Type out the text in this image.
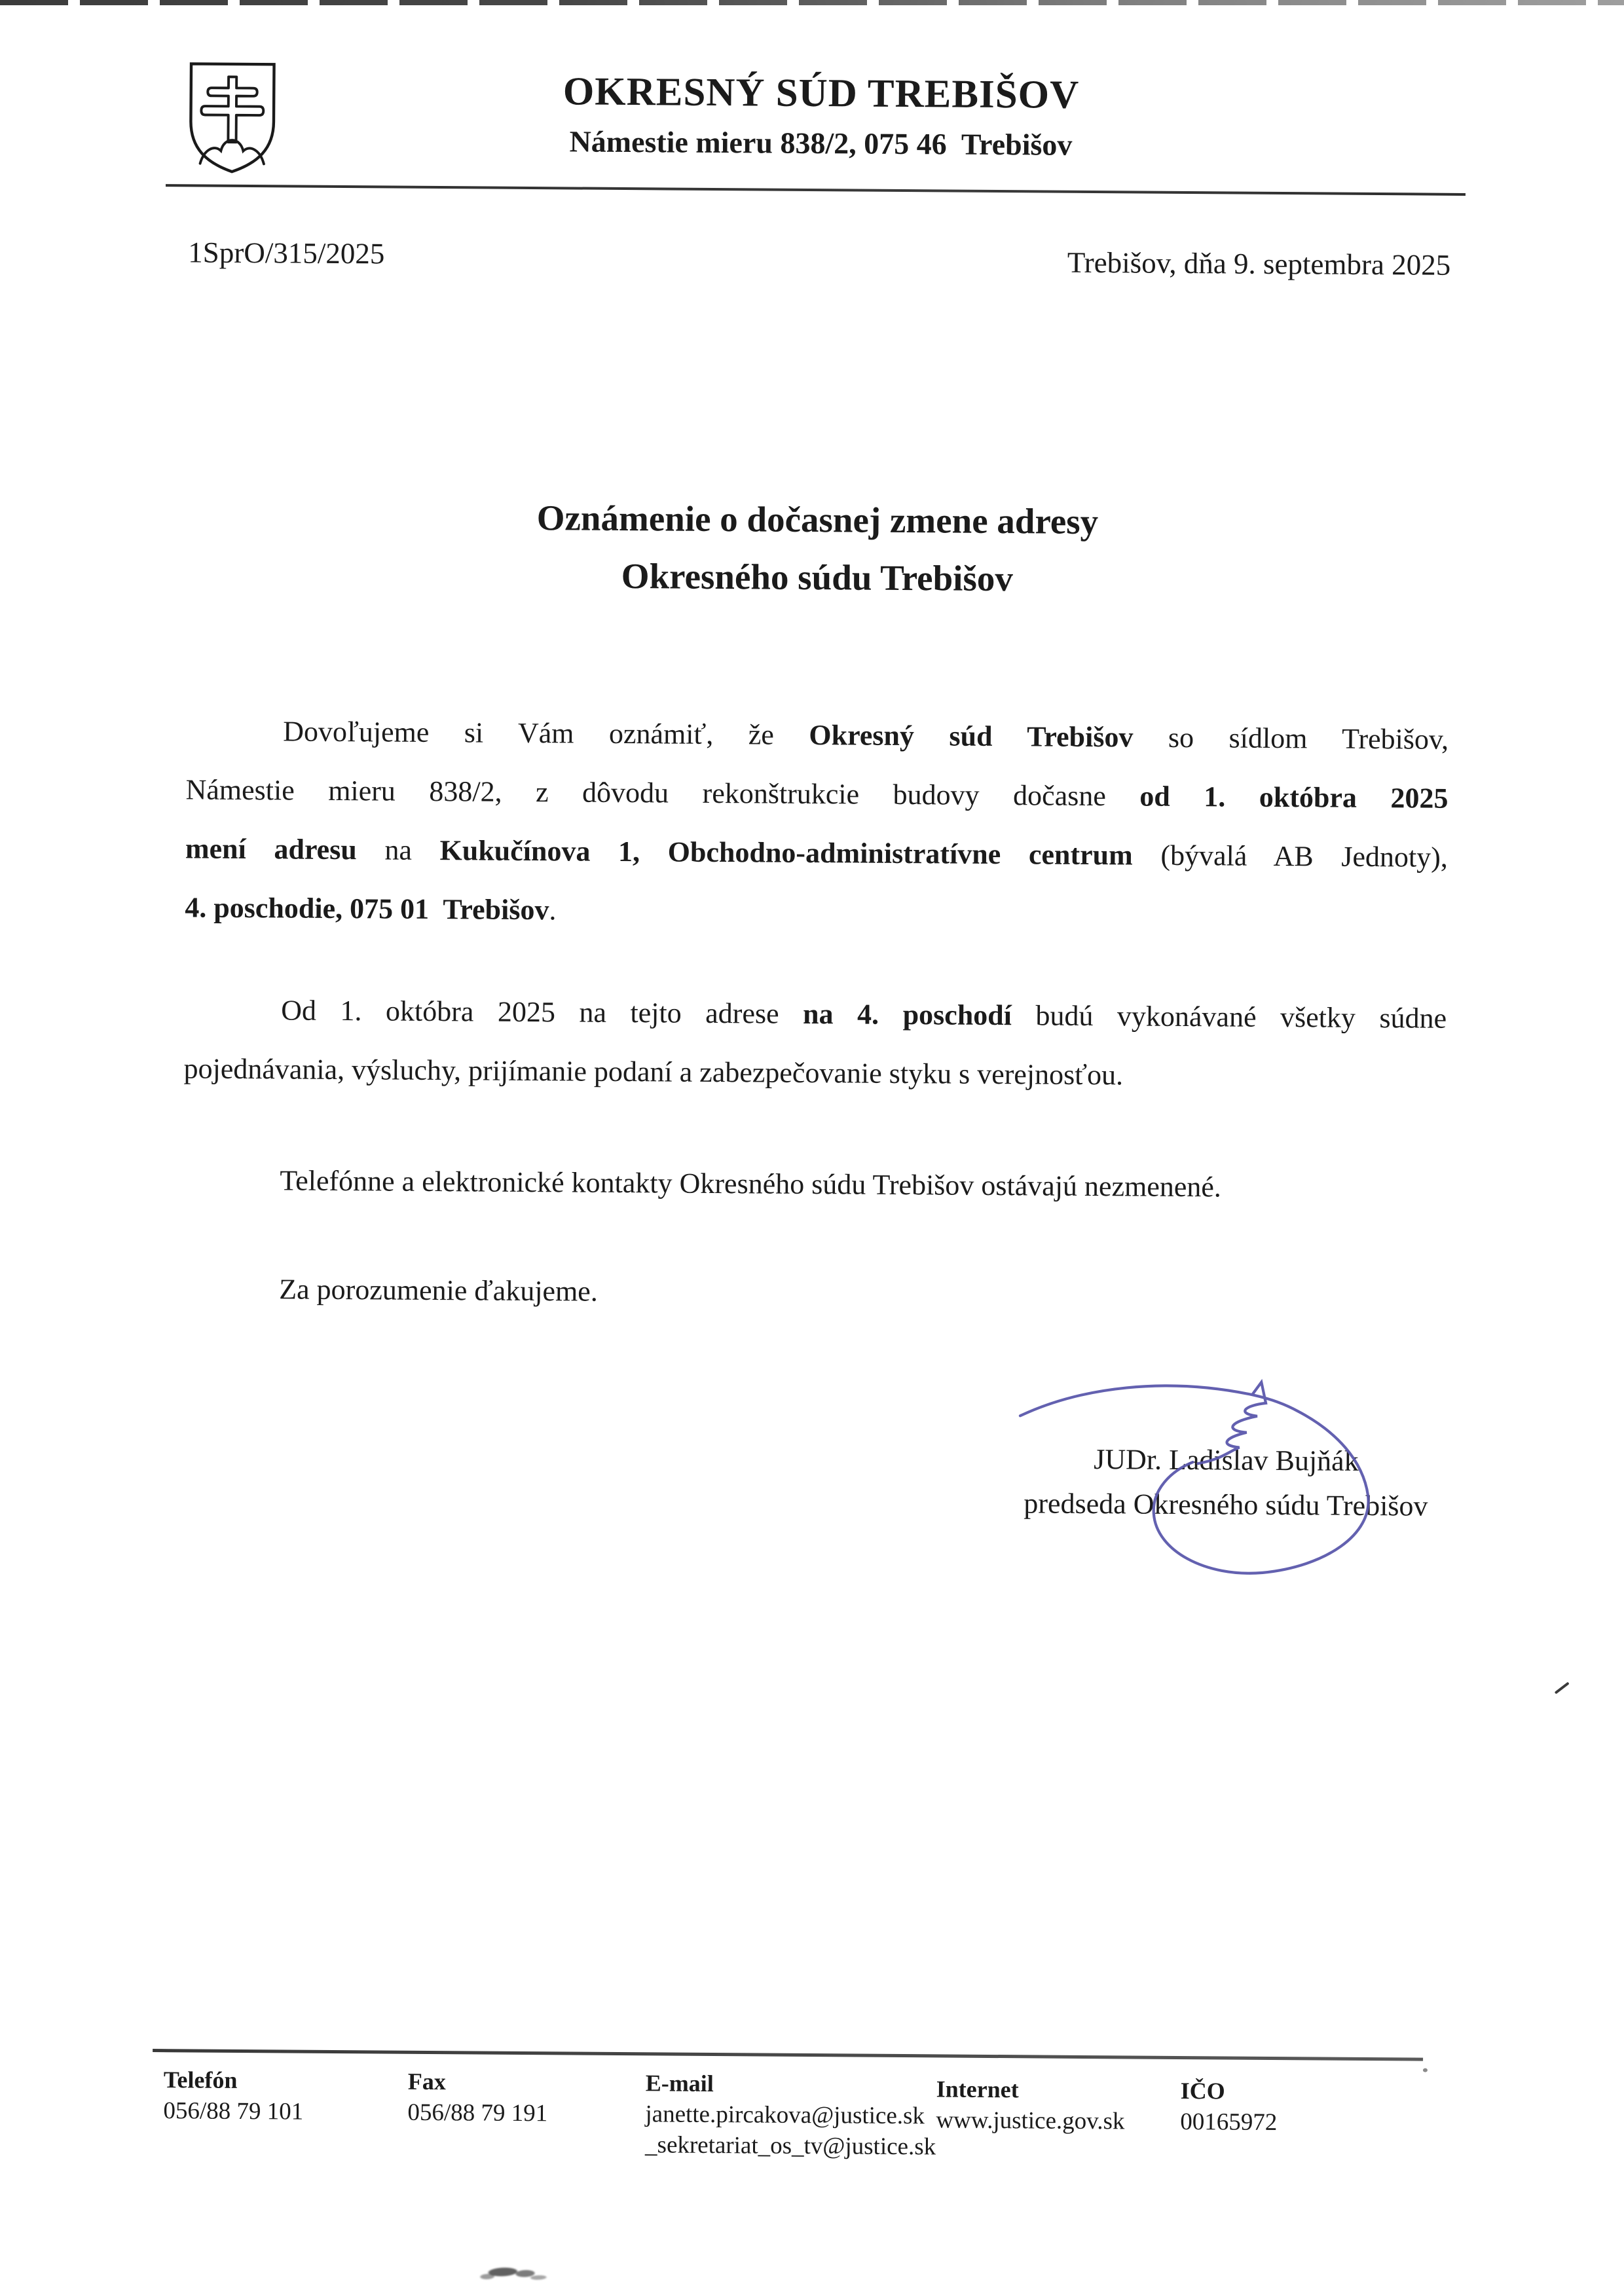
OKRESNÝ SÚD TREBIŠOV
Námestie mieru 838/2, 075 46  Trebišov
1SprO/315/2025	Trebišov, dňa 9. septembra 2025
Oznámenie o dočasnej zmene adresy
Okresného súdu Trebišov
Dovoľujeme si Vám oznámiť, že Okresný súd Trebišov so sídlom Trebišov,
Námestie mieru 838/2, z dôvodu rekonštrukcie budovy dočasne od 1. októbra 2025
mení adresu na Kukučínova 1, Obchodno-administratívne centrum (bývalá AB Jednoty),
4. poschodie, 075 01  Trebišov.
Od 1. októbra 2025 na tejto adrese na 4. poschodí budú vykonávané všetky súdne
pojednávania, výsluchy, prijímanie podaní a zabezpečovanie styku s verejnosťou.
Telefónne a elektronické kontakty Okresného súdu Trebišov ostávajú nezmenené.
Za porozumenie ďakujeme.
JUDr. Ladislav Bujňák
predseda Okresného súdu Trebišov
Telefón
056/88 79 101
Fax
056/88 79 191
E-mail
janette.pircakova@justice.sk
_sekretariat_os_tv@justice.sk
Internet
www.justice.gov.sk
IČO
00165972
